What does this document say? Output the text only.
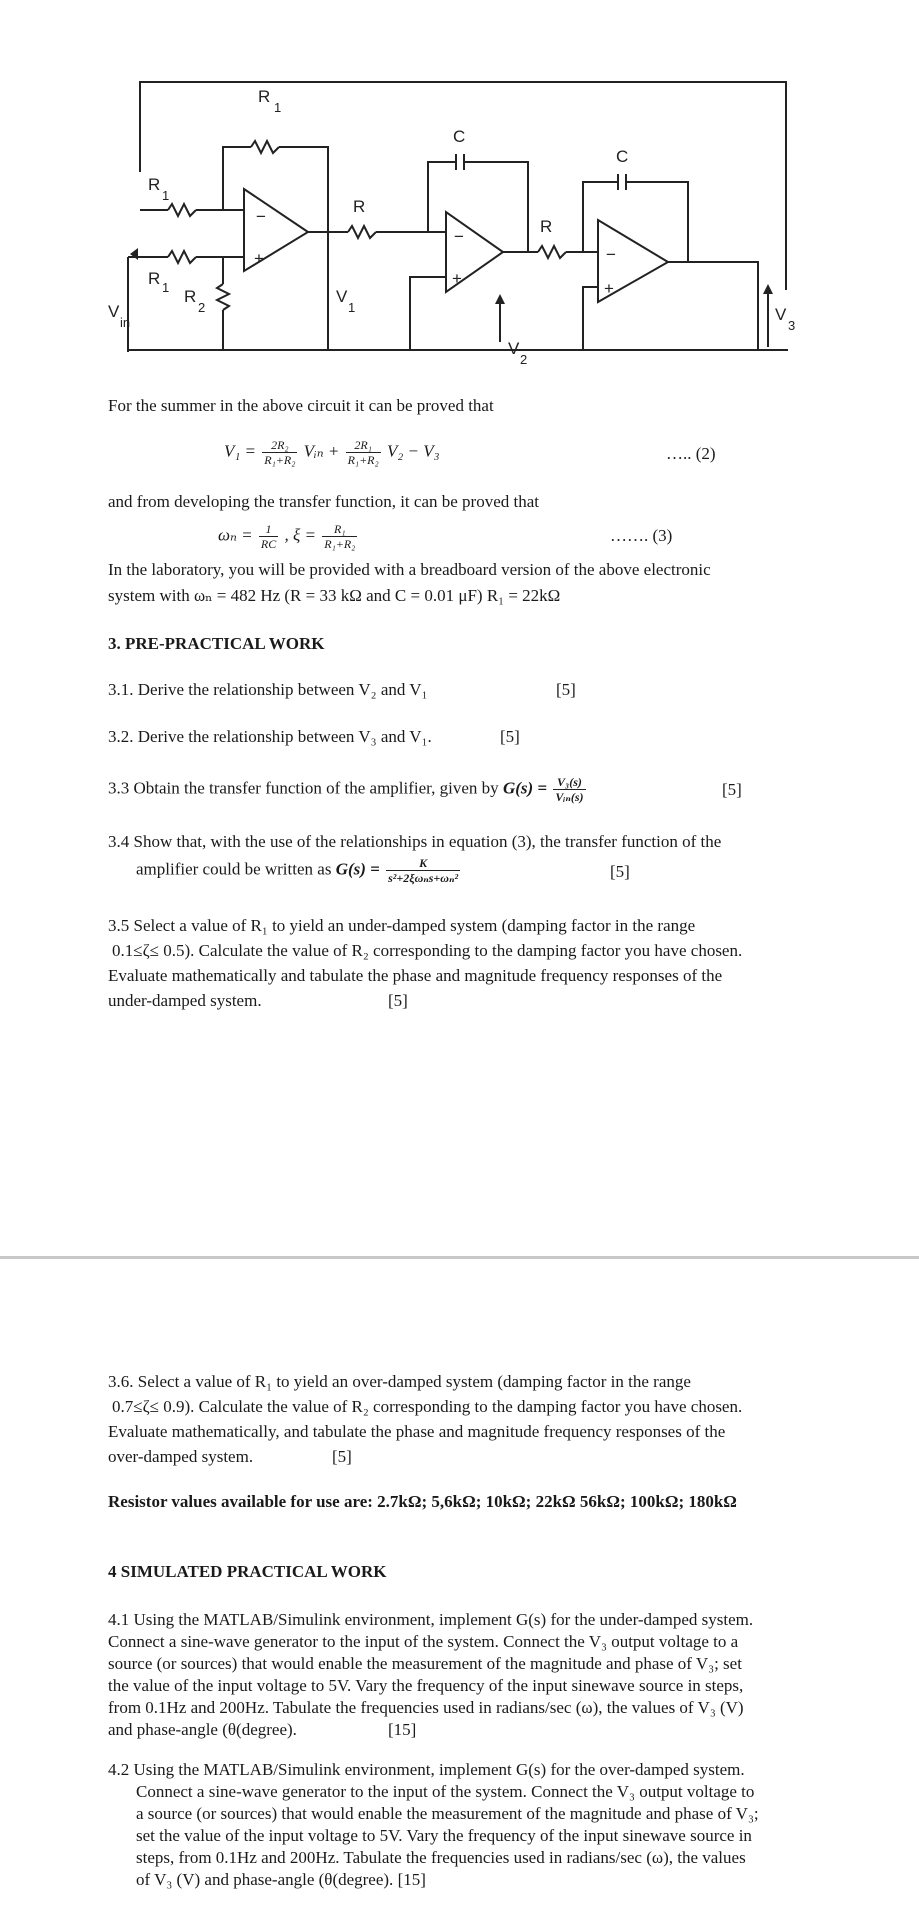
R
1
R
1
R 1 R
2
R
R
C
C
V
1
V
in
V
2
V
3
−
+
−
+
−
+
For the summer in the above circuit it can be proved that
$V_1 = \frac{\text{2R₂}}{\text{R₁+R₂}}$ Vᵢₙ + $\frac{\text{2R₁}}{\text{R₁+R₂}} V_2 - V_3$	….. (2)
and from developing the transfer function, it can be proved that
$\omega_n = \frac{1}{RC}$ , $\xi = \frac{\text{R₁}}{\text{R₁+R₂}}$	……. (3)
In the laboratory, you will be provided with a breadboard version of the above electronic
system with ωₙ = 482 Hz (R = 33 kΩ and C = 0.01 μF) R₁ = 22kΩ
3. PRE-PRACTICAL WORK
3.1. Derive the relationship between V₂ and V₁	[5]
3.2. Derive the relationship between V₃ and V₁.	[5]
3.3 Obtain the transfer function of the amplifier, given by $G(s) = \frac{\text{V₃(s)}}{\text{Vᵢₙ(s)}}$	[5]
3.4 Show that, with the use of the relationships in equation (3), the transfer function of the
amplifier could be written as $G(s) = \frac{K}{\text{s²+2ξωₙs+ωₙ²}}$	[5]
3.5 Select a value of R₁ to yield an under-damped system (damping factor in the range
0.1≤ζ≤ 0.5). Calculate the value of R₂ corresponding to the damping factor you have chosen.
Evaluate mathematically and tabulate the phase and magnitude frequency responses of the
under-damped system.	[5]
3.6. Select a value of R₁ to yield an over-damped system (damping factor in the range
0.7≤ζ≤ 0.9). Calculate the value of R₂ corresponding to the damping factor you have chosen.
Evaluate mathematically, and tabulate the phase and magnitude frequency responses of the
over-damped system.	[5]
Resistor values available for use are: 2.7kΩ; 5,6kΩ; 10kΩ; 22kΩ 56kΩ; 100kΩ; 180kΩ
4 SIMULATED PRACTICAL WORK
4.1 Using the MATLAB/Simulink environment, implement G(s) for the under-damped system.
Connect a sine-wave generator to the input of the system. Connect the V₃ output voltage to a
source (or sources) that would enable the measurement of the magnitude and phase of V₃; set
the value of the input voltage to 5V. Vary the frequency of the input sinewave source in steps,
from 0.1Hz and 200Hz. Tabulate the frequencies used in radians/sec (ω), the values of V₃ (V)
and phase-angle (θ(degree).	[15]
4.2 Using the MATLAB/Simulink environment, implement G(s) for the over-damped system.
Connect a sine-wave generator to the input of the system. Connect the V₃ output voltage to
a source (or sources) that would enable the measurement of the magnitude and phase of V₃;
set the value of the input voltage to 5V. Vary the frequency of the input sinewave source in
steps, from 0.1Hz and 200Hz. Tabulate the frequencies used in radians/sec (ω), the values
of V₃ (V) and phase-angle (θ(degree). [15]
